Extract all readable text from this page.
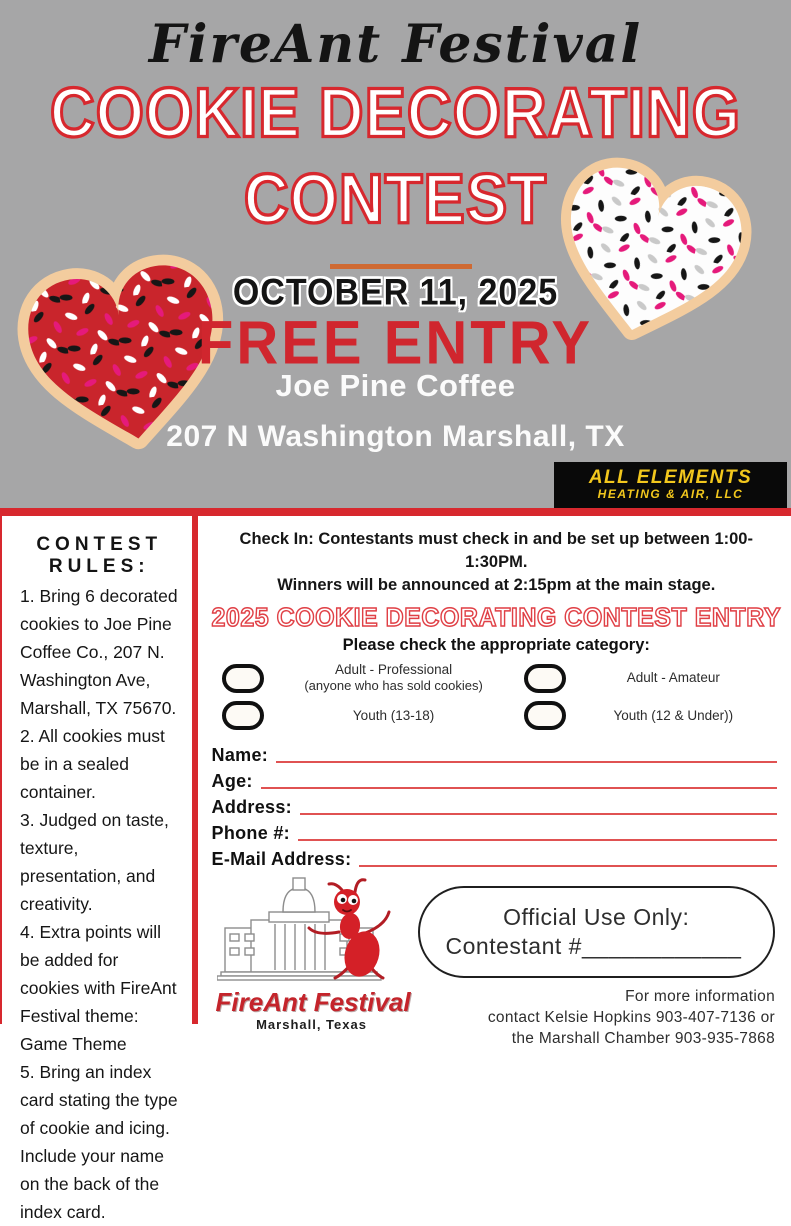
FireAnt Festival
COOKIE DECORATING
CONTEST
OCTOBER 11, 2025
FREE ENTRY
Joe Pine Coffee
207 N Washington Marshall, TX
ALL ELEMENTS
HEATING & AIR, LLC
CONTEST RULES:

1. Bring 6 decorated cookies to Joe Pine Coffee Co., 207 N. Washington Ave, Marshall, TX 75670.

2. All cookies must be in a sealed container.

3. Judged on taste, texture, presentation, and creativity.

4. Extra points will be added for cookies with FireAnt Festival theme: Game Theme

5. Bring an index card stating the type of cookie and icing. Include your name on the back of the index card.

Check In: Contestants must check in and be set up between 1:00-1:30PM.
Winners will be announced at 2:15pm at the main stage.
2025 COOKIE DECORATING CONTEST ENTRY
Please check the appropriate category:
Adult - Professional
(anyone who has sold cookies)
Adult - Amateur
Youth (13-18)	Youth (12 & Under))
Name:
Age:
Address:
Phone #:
E-Mail Address:
FireAnt Festival
Marshall, Texas
Official Use Only:
Contestant #____________
For more information
contact Kelsie Hopkins 903-407-7136 or
the Marshall Chamber 903-935-7868
